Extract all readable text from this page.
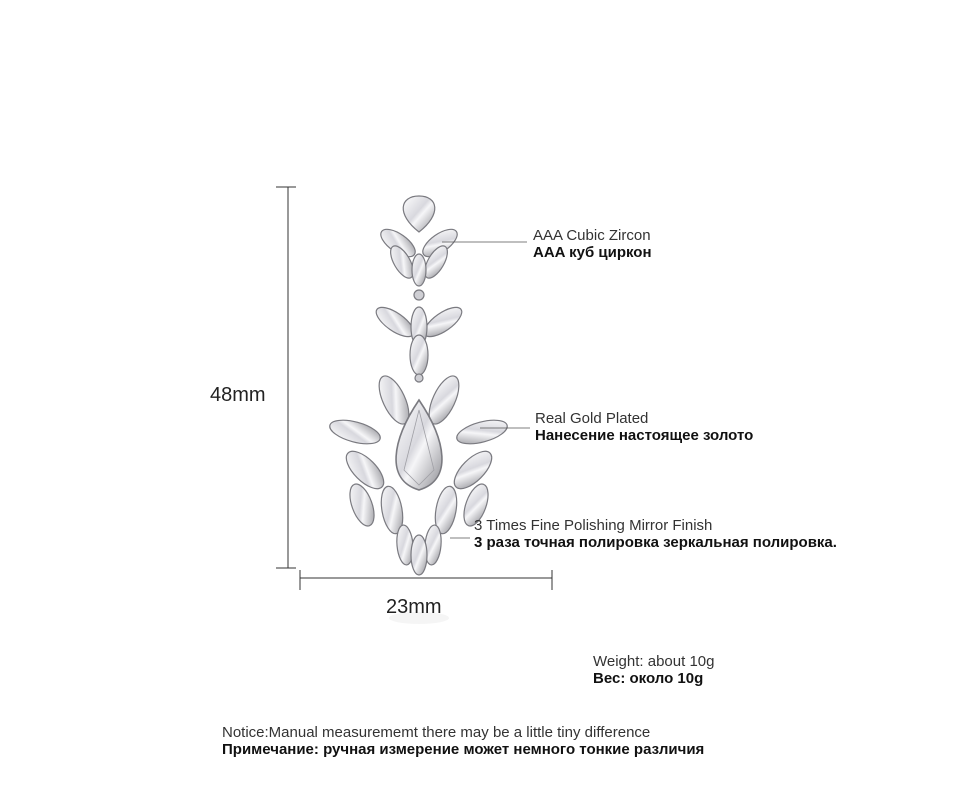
48mm
23mm
AAA Cubic Zircon
AAA куб циркон
Real Gold Plated
Нанесение настоящее золото
3 Times Fine Polishing Mirror Finish
3 раза точная полировка зеркальная полировка.
Weight: about 10g
Вес: около 10g
Notice:Manual measurememt there may be a little tiny difference
Примечание: ручная измерение может немного тонкие различия
